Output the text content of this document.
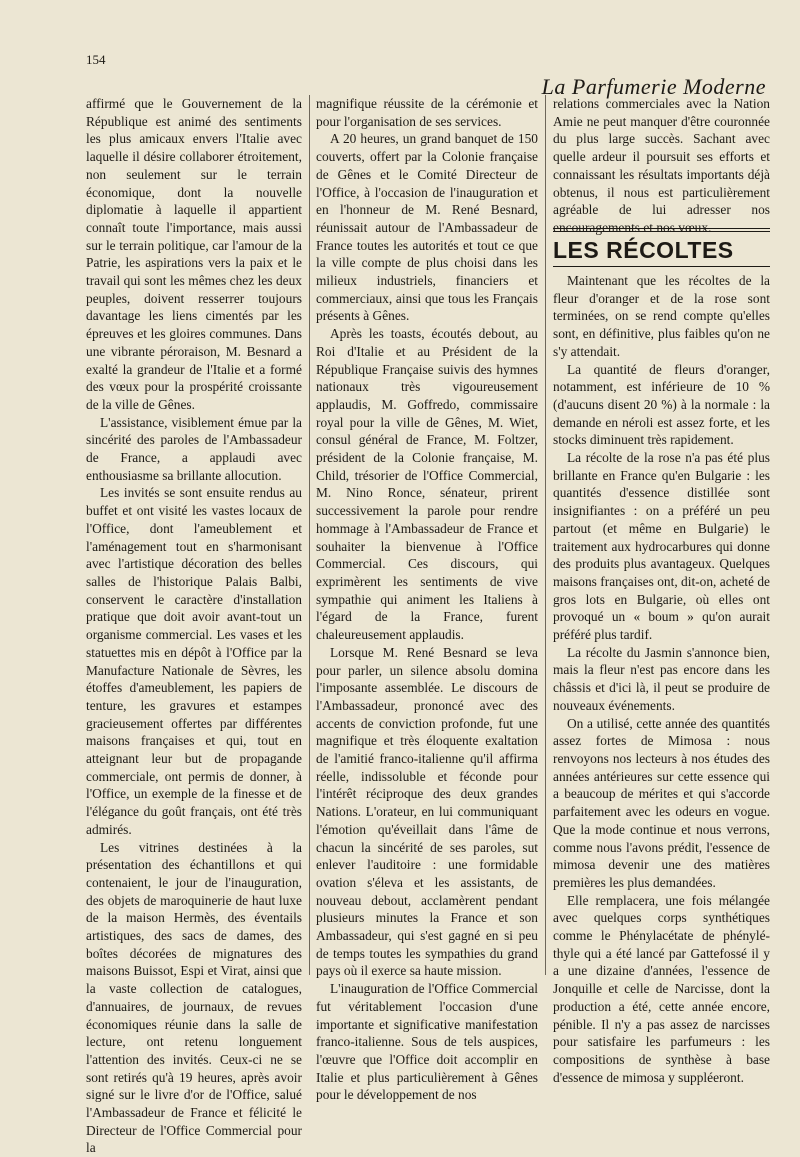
154
La Parfumerie Moderne

affirmé que le Gouvernement de la République est animé des sentiments les plus amicaux envers l'Italie avec laquelle il désire collaborer étroitement, non seulement sur le terrain économique, dont la nouvelle diplomatie à laquelle il appartient connaît toute l'importance, mais aussi sur le terrain politique, car l'amour de la Patrie, les aspirations vers la paix et le travail qui sont les mêmes chez les deux peuples, doivent resserrer toujours davantage les liens cimentés par les épreuves et les gloires communes. Dans une vibrante péroraison, M. Besnard a exalté la grandeur de l'Italie et a formé des vœux pour la prospérité croissante de la ville de Gênes.

L'assistance, visiblement émue par la sincérité des paroles de l'Ambassadeur de France, a applaudi avec enthousiasme sa brillante allocution.

Les invités se sont ensuite rendus au buffet et ont visité les vastes locaux de l'Office, dont l'ameublement et l'aménagement tout en s'harmonisant avec l'artistique décoration des belles salles de l'historique Palais Balbi, conservent le caractère d'installation pratique que doit avoir avant-tout un organisme commercial. Les vases et les statuettes mis en dépôt à l'Office par la Manufacture Nationale de Sèvres, les étoffes d'ameublement, les papiers de tenture, les gravures et estampes gracieusement offertes par différentes maisons françaises et qui, tout en atteignant leur but de propagande commerciale, ont permis de donner, à l'Office, un exemple de la finesse et de l'élégance du goût français, ont été très admirés.

Les vitrines destinées à la présentation des échantillons et qui contenaient, le jour de l'inauguration, des objets de maroquinerie de haut luxe de la maison Hermès, des éventails artistiques, des sacs de dames, des boîtes décorées de mignatures des maisons Buissot, Espi et Virat, ainsi que la vaste collection de catalogues, d'annuaires, de journaux, de revues économiques réunie dans la salle de lecture, ont retenu longuement l'attention des invités. Ceux-ci ne se sont retirés qu'à 19 heures, après avoir signé sur le livre d'or de l'Office, salué l'Ambassadeur de France et félicité le Directeur de l'Office Commercial pour la

magnifique réussite de la cérémonie et pour l'organisation de ses services.

A 20 heures, un grand banquet de 150 couverts, offert par la Colonie française de Gênes et le Comité Directeur de l'Office, à l'occasion de l'inauguration et en l'honneur de M. René Besnard, réunissait autour de l'Ambassadeur de France toutes les autorités et tout ce que la ville compte de plus choisi dans les milieux industriels, financiers et commerciaux, ainsi que tous les Français présents à Gênes.

Après les toasts, écoutés debout, au Roi d'Italie et au Président de la République Française suivis des hymnes nationaux très vigoureusement applaudis, M. Goffredo, commissaire royal pour la ville de Gênes, M. Wiet, consul général de France, M. Foltzer, président de la Colonie française, M. Child, trésorier de l'Office Commercial, M. Nino Ronce, sénateur, prirent successivement la parole pour rendre hommage à l'Ambassadeur de France et souhaiter la bienvenue à l'Office Commercial. Ces discours, qui exprimèrent les sentiments de vive sympathie qui animent les Italiens à l'égard de la France, furent chaleureusement applaudis.

Lorsque M. René Besnard se leva pour parler, un silence absolu domina l'imposante assemblée. Le discours de l'Ambassadeur, prononcé avec des accents de conviction profonde, fut une magnifique et très éloquente exaltation de l'amitié franco-italienne qu'il affirma réelle, indissoluble et féconde pour l'intérêt réciproque des deux grandes Nations. L'orateur, en lui communiquant l'émotion qu'éveillait dans l'âme de chacun la sincérité de ses paroles, sut enlever l'auditoire : une formidable ovation s'éleva et les assistants, de nouveau debout, acclamèrent pendant plusieurs minutes la France et son Ambassadeur, qui s'est gagné en si peu de temps toutes les sympathies du grand pays où il exerce sa haute mission.

L'inauguration de l'Office Commercial fut véritablement l'occasion d'une importante et significative manifestation franco-italienne. Sous de tels auspices, l'œuvre que l'Office doit accomplir en Italie et plus particulièrement à Gênes pour le développement de nos

relations commerciales avec la Nation Amie ne peut manquer d'être couronnée du plus large succès. Sachant avec quelle ardeur il poursuit ses efforts et connaissant les résultats importants déjà obtenus, il nous est particulièrement agréable de lui adresser nos encouragements et nos vœux.

LES RÉCOLTES

Maintenant que les récoltes de la fleur d'oranger et de la rose sont terminées, on se rend compte qu'elles sont, en définitive, plus faibles qu'on ne s'y attendait.

La quantité de fleurs d'oranger, notamment, est inférieure de 10 % (d'aucuns disent 20 %) à la normale : la demande en néroli est assez forte, et les stocks diminuent très rapidement.

La récolte de la rose n'a pas été plus brillante en France qu'en Bulgarie : les quantités d'essence distillée sont insignifiantes : on a préféré un peu partout (et même en Bulgarie) le traitement aux hydrocarbures qui donne des produits plus avantageux. Quelques maisons françaises ont, dit-on, acheté de gros lots en Bulgarie, où elles ont provoqué un « boum » qu'on aurait préféré plus tardif.

La récolte du Jasmin s'annonce bien, mais la fleur n'est pas encore dans les châssis et d'ici là, il peut se produire de nouveaux événements.

On a utilisé, cette année des quantités assez fortes de Mimosa : nous renvoyons nos lecteurs à nos études des années antérieures sur cette essence qui a beaucoup de mérites et qui s'accorde parfaitement avec les odeurs en vogue. Que la mode continue et nous verrons, comme nous l'avons prédit, l'essence de mimosa devenir une des matières premières les plus demandées.

Elle remplacera, une fois mélangée avec quelques corps synthétiques comme le Phénylacétate de phénylé-thyle qui a été lancé par Gattefossé il y a une dizaine d'années, l'essence de Jonquille et celle de Narcisse, dont la production a été, cette année encore, pénible. Il n'y a pas assez de narcisses pour satisfaire les parfumeurs : les compositions de synthèse à base d'essence de mimosa y suppléeront.
